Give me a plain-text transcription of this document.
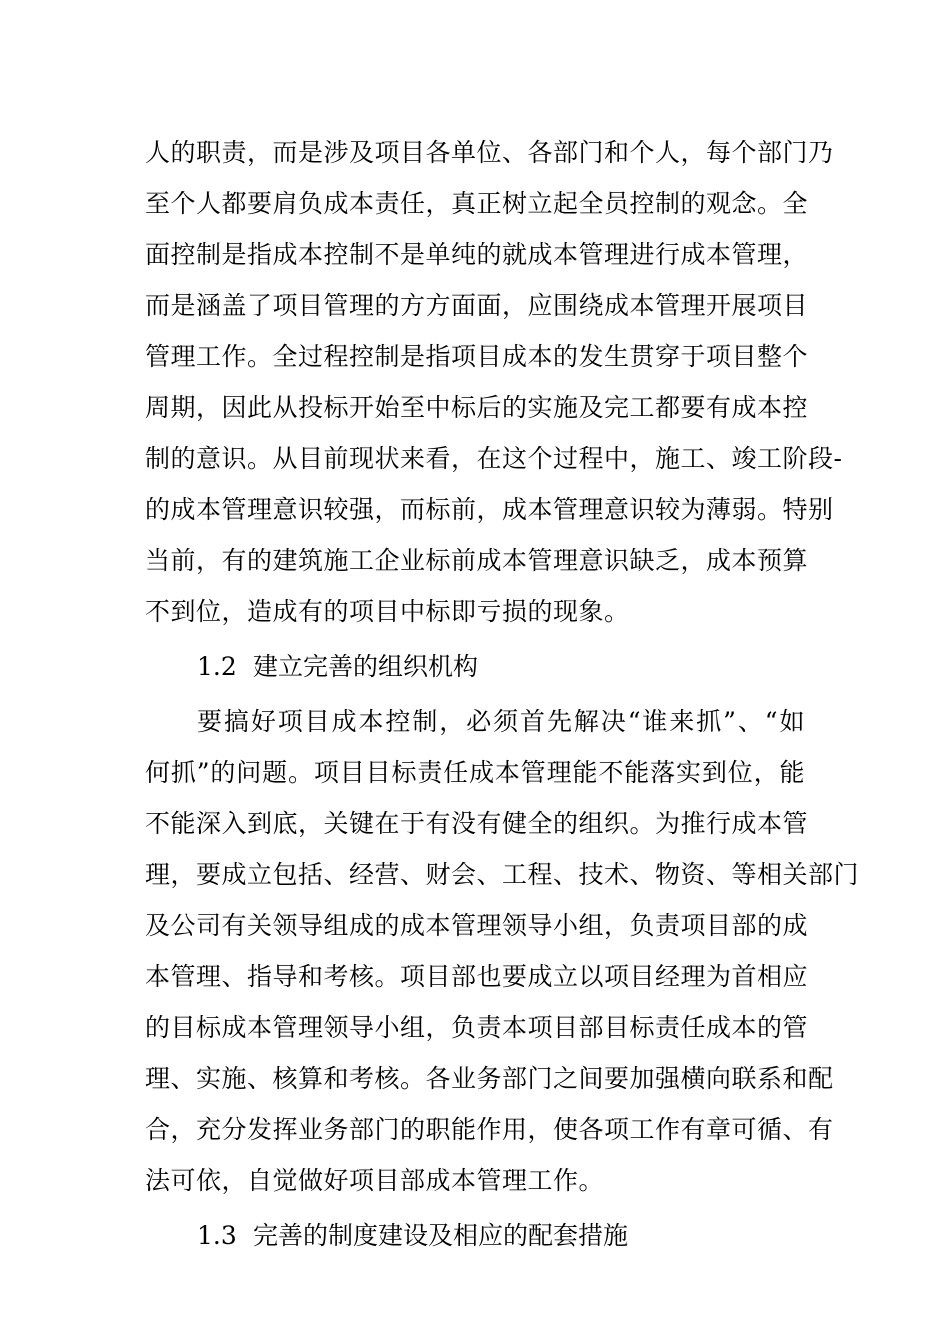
人的职责，而是涉及项目各单位、各部门和个人，每个部门乃
至个人都要肩负成本责任，真正树立起全员控制的观念。全
面控制是指成本控制不是单纯的就成本管理进行成本管理，
而是涵盖了项目管理的方方面面，应围绕成本管理开展项目
管理工作。全过程控制是指项目成本的发生贯穿于项目整个
周期，因此从投标开始至中标后的实施及完工都要有成本控
制的意识。从目前现状来看，在这个过程中，施工、竣工阶段-
的成本管理意识较强，而标前，成本管理意识较为薄弱。特别
当前，有的建筑施工企业标前成本管理意识缺乏，成本预算
不到位，造成有的项目中标即亏损的现象。
1.2 建立完善的组织机构
要搞好项目成本控制，必须首先解决“谁来抓”、“如
何抓”的问题。项目目标责任成本管理能不能落实到位，能
不能深入到底，关键在于有没有健全的组织。为推行成本管
理，要成立包括、经营、财会、工程、技术、物资、等相关部门
及公司有关领导组成的成本管理领导小组，负责项目部的成
本管理、指导和考核。项目部也要成立以项目经理为首相应
的目标成本管理领导小组，负责本项目部目标责任成本的管
理、实施、核算和考核。各业务部门之间要加强横向联系和配
合，充分发挥业务部门的职能作用，使各项工作有章可循、有
法可依，自觉做好项目部成本管理工作。
1.3 完善的制度建设及相应的配套措施
